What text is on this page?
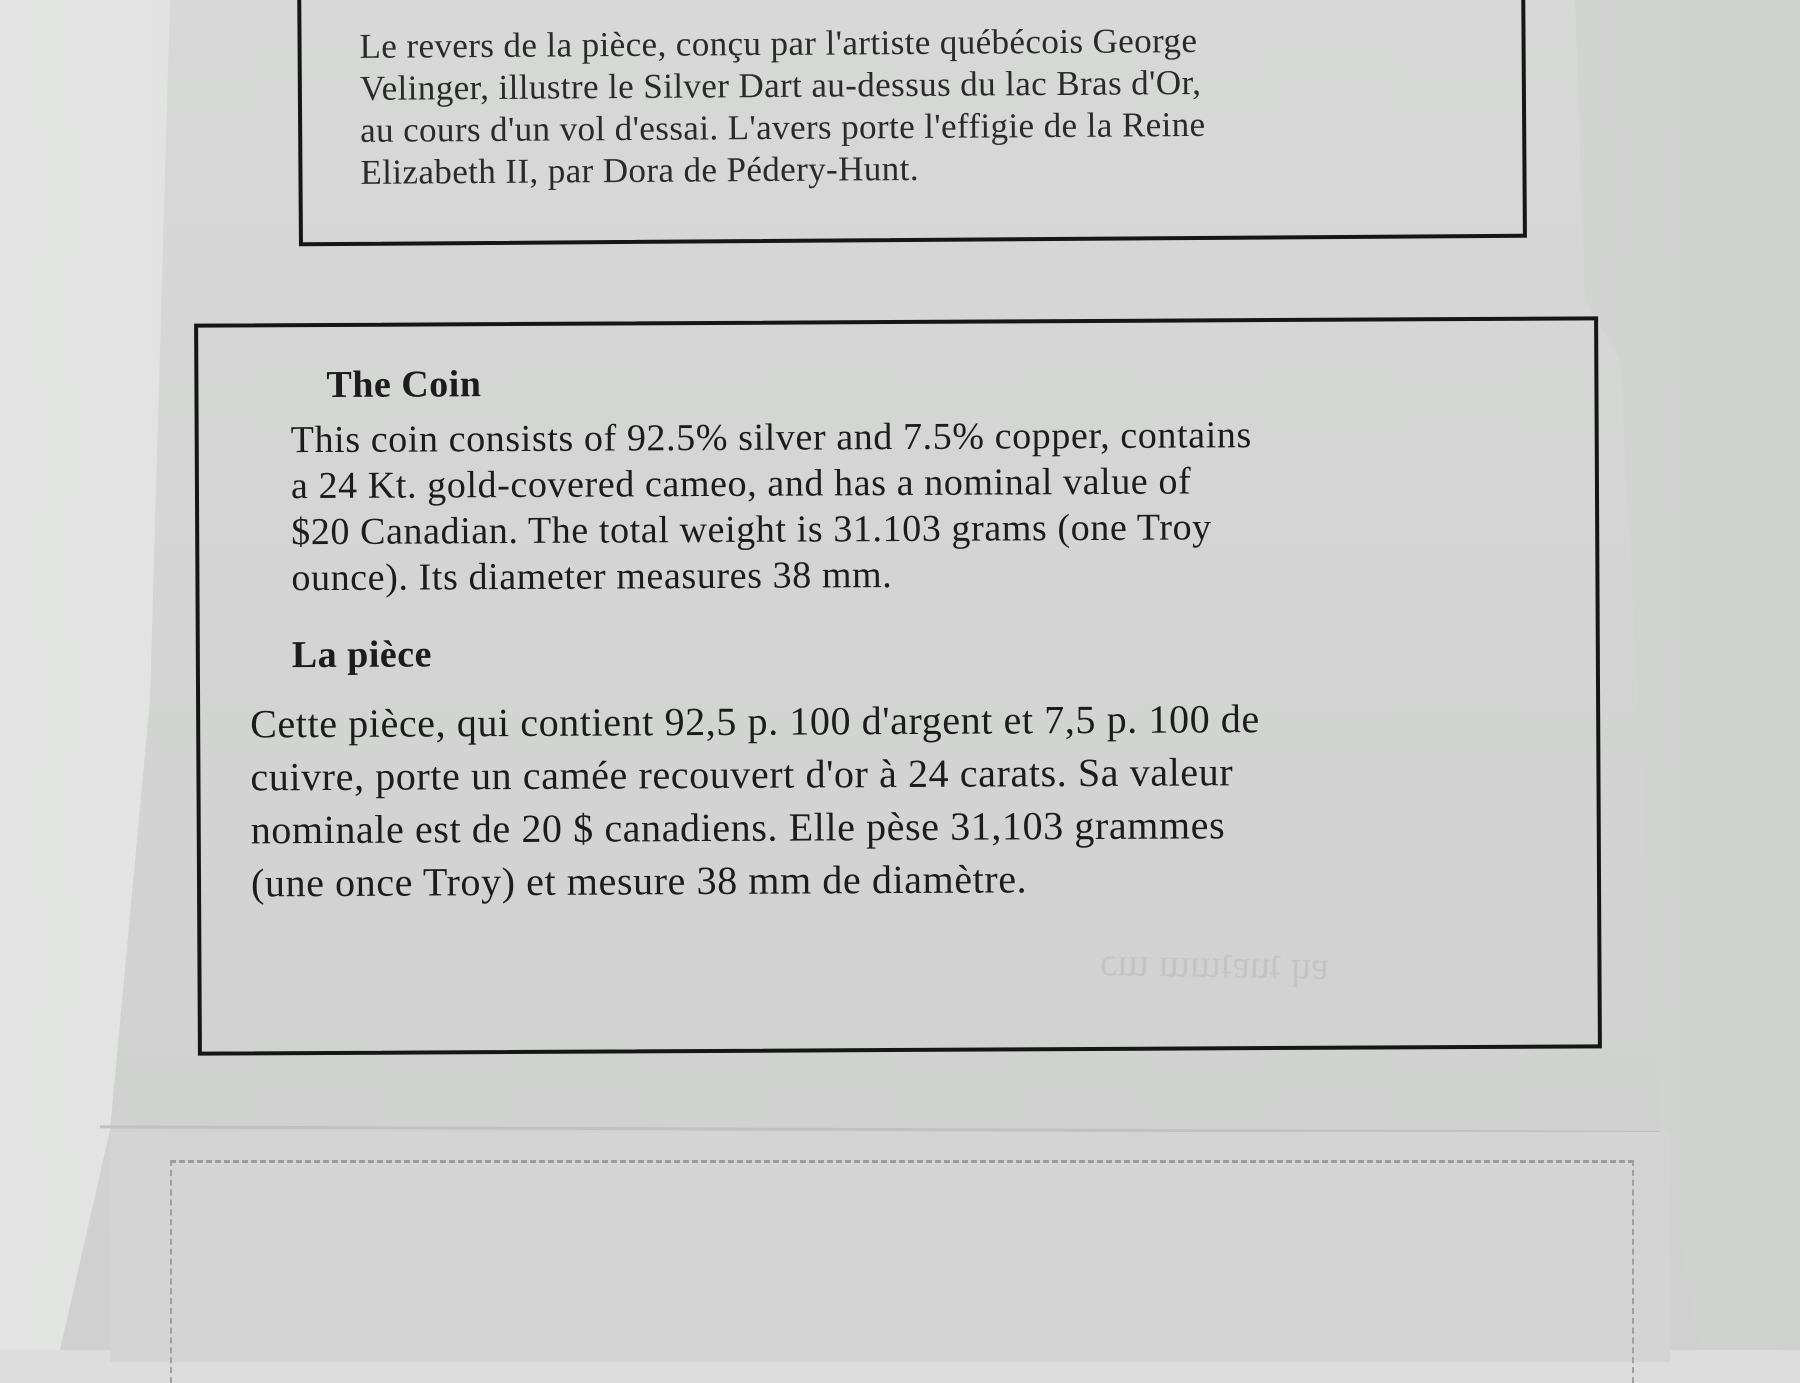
ɐɥ ʇuɐʇɯɯ ɯɔ
Le revers de la pièce, conçu par l'artiste québécois George
Velinger, illustre le Silver Dart au-dessus du lac Bras d'Or,
au cours d'un vol d'essai. L'avers porte l'effigie de la Reine
Elizabeth II, par Dora de Pédery-Hunt.
The Coin
This coin consists of 92.5% silver and 7.5% copper, contains
a 24 Kt. gold-covered cameo, and has a nominal value of
$20 Canadian. The total weight is 31.103 grams (one Troy
ounce). Its diameter measures 38 mm.
La pièce
Cette pièce, qui contient 92,5 p. 100 d'argent et 7,5 p. 100 de
cuivre, porte un camée recouvert d'or à 24 carats. Sa valeur
nominale est de 20 $ canadiens. Elle pèse 31,103 grammes
(une once Troy) et mesure 38 mm de diamètre.
